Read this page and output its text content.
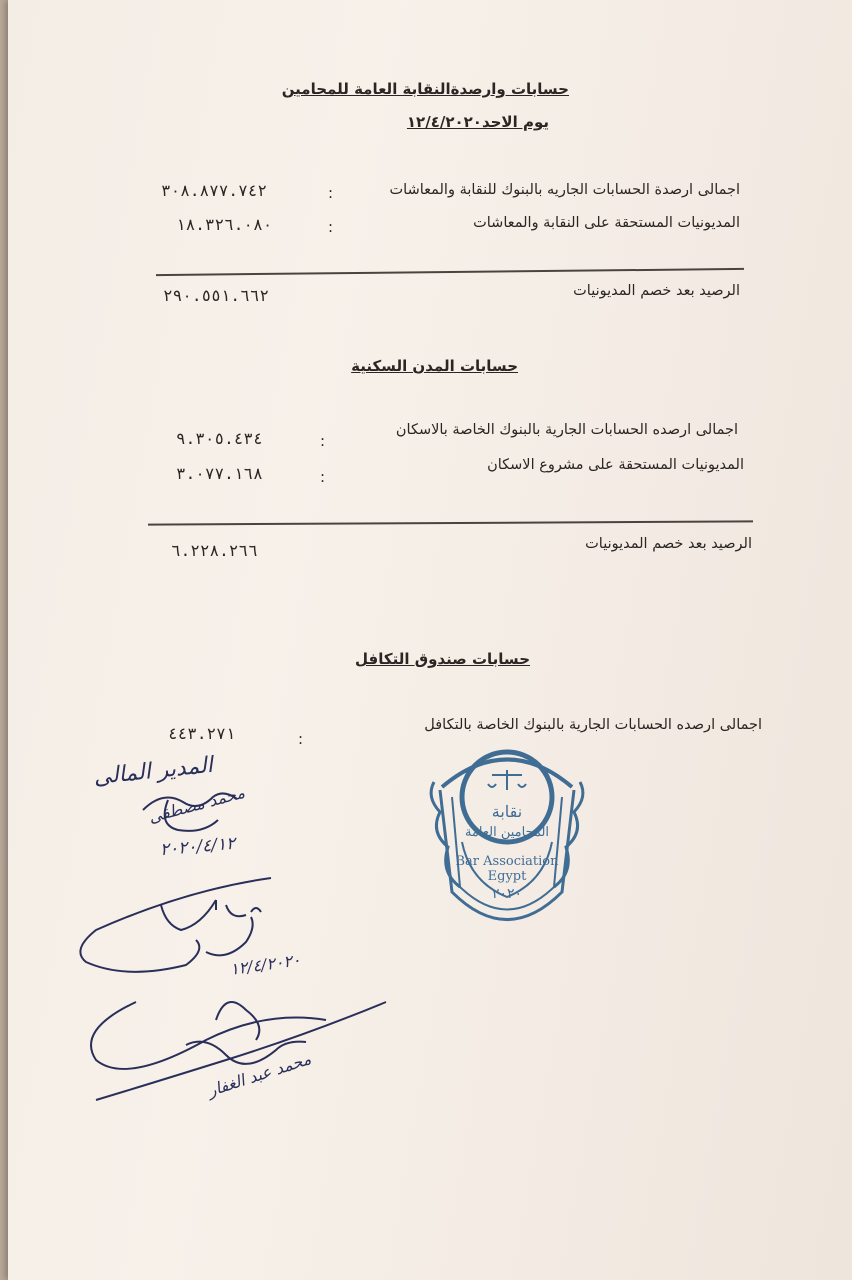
حسابات وارصدةالنقابة العامة للمحامين
يوم الاحد١٢/٤/٢٠٢٠
اجمالى ارصدة الحسابات الجاريه بالبنوك للنقابة والمعاشات
:
٣٠٨.٨٧٧.٧٤٢
المديونيات المستحقة على النقابة والمعاشات
:
١٨.٣٢٦.٠٨٠
الرصيد بعد خصم المديونيات
٢٩٠.٥٥١.٦٦٢
حسابات المدن السكنية
اجمالى ارصده الحسابات الجارية بالبنوك الخاصة بالاسكان
:
٩.٣٠٥.٤٣٤
المديونيات المستحقة على مشروع الاسكان
:
٣.٠٧٧.١٦٨
الرصيد بعد خصم المديونيات
٦.٢٢٨.٢٦٦
حسابات صندوق التكافل
اجمالى ارصده الحسابات الجارية بالبنوك الخاصة بالتكافل
:
٤٤٣.٢٧١
نقابة
المحامين العامة
Bar Association
Egypt
٢٠٢٠
المدير المالى
محمد مصطفى
٢٠٢٠/٤/١٢
١٢/٤/٢٠٢٠
محمد عبد الغفار
